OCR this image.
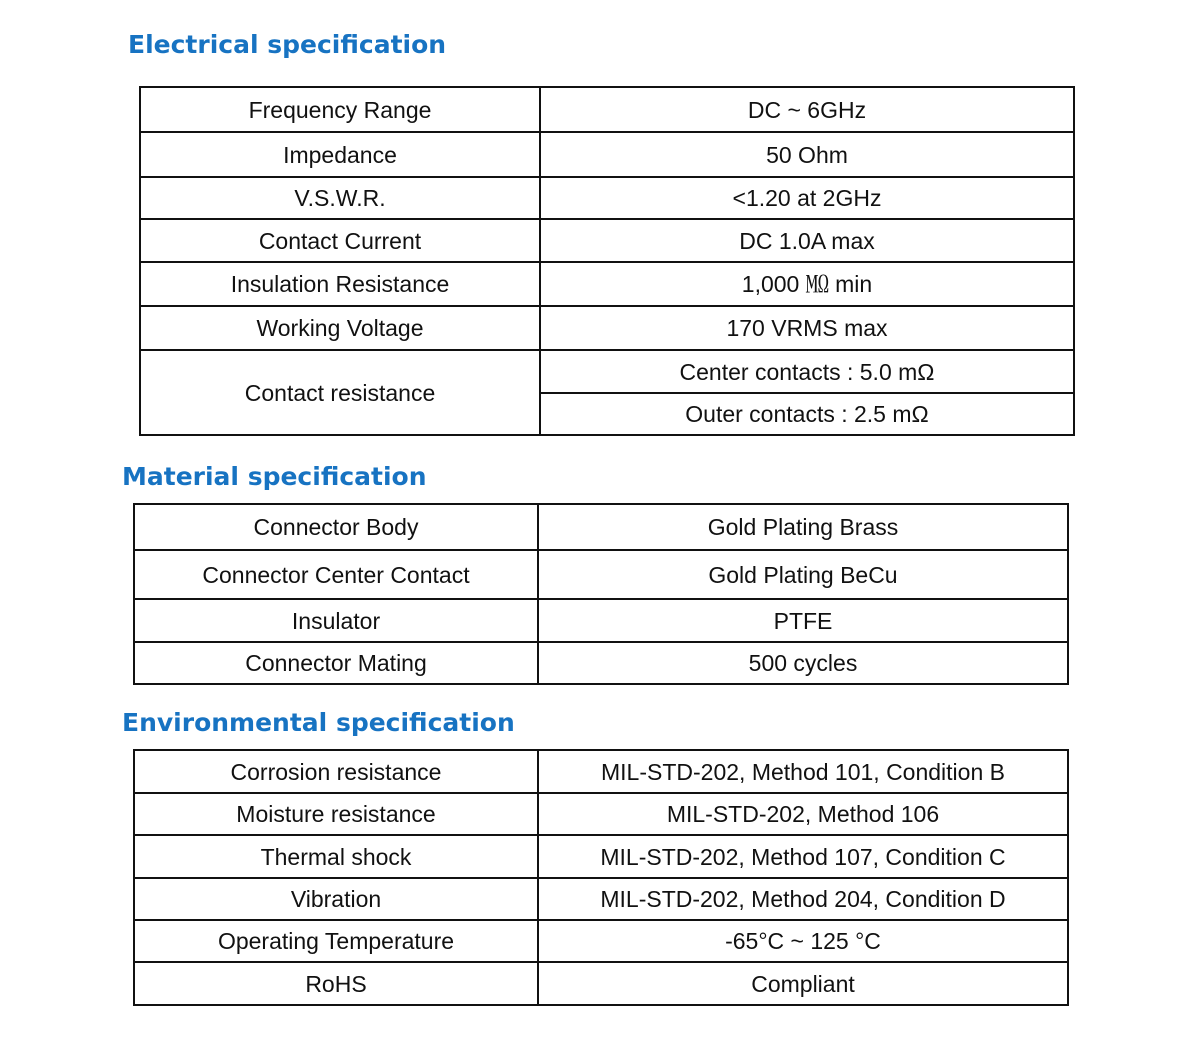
Electrical specification
Frequency Range	DC ~ 6GHz
Impedance	50 Ohm
V.S.W.R.	<1.20 at 2GHz
Contact Current	DC 1.0A max
Insulation Resistance	1,000 ㏁ min
Working Voltage	170 VRMS max
Contact resistance	Center contacts : 5.0 mΩ
	Outer contacts : 2.5 mΩ
Material specification
Connector Body	Gold Plating Brass
Connector Center Contact	Gold Plating BeCu
Insulator	PTFE
Connector Mating	500 cycles
Environmental specification
Corrosion resistance	MIL-STD-202, Method 101, Condition B
Moisture resistance	MIL-STD-202, Method 106
Thermal shock	MIL-STD-202, Method 107, Condition C
Vibration	MIL-STD-202, Method 204, Condition D
Operating Temperature	-65°C ~ 125 °C
RoHS	Compliant
